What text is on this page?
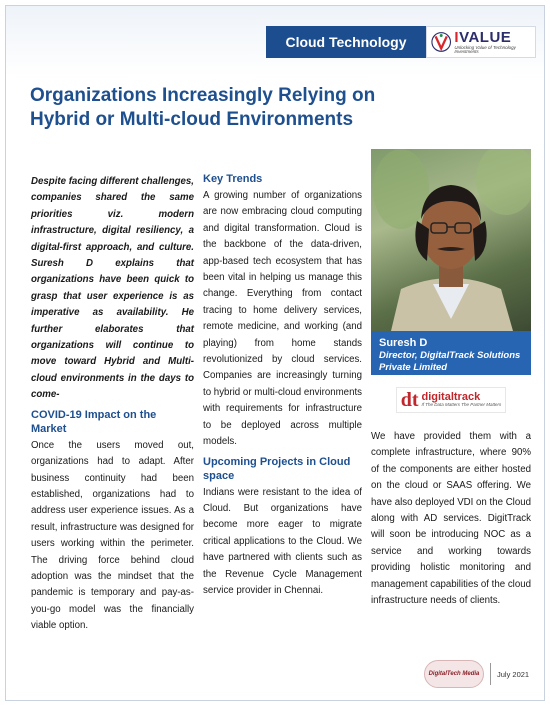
Cloud Technology	IVALUE
Unlocking Value of Technology Investments
Organizations Increasingly Relying on Hybrid or Multi-cloud Environments

Despite facing different challenges, companies shared the same priorities viz. modern infrastructure, digital resiliency, a digital-first approach, and culture. Suresh D explains that organizations have been quick to grasp that user experience is as imperative as availability. He further elaborates that organizations will continue to move toward Hybrid and Multi-cloud environments in the days to come-

COVID-19 Impact on the Market

Once the users moved out, organizations had to adapt. After business continuity had been established, organizations had to address user experience issues. As a result, infrastructure was designed for users working within the perimeter. The driving force behind cloud adoption was the mindset that the pandemic is temporary and pay-as-you-go model was the financially viable option.

Key Trends

A growing number of organizations are now embracing cloud computing and digital transformation. Cloud is the backbone of the data-driven, app-based tech ecosystem that has been vital in helping us manage this change. Everything from contact tracing to home delivery services, remote medicine, and working (and playing) from home stands revolutionized by cloud services. Companies are increasingly turning to hybrid or multi-cloud environments with requirements for infrastructure to be deployed across multiple models.

Upcoming Projects in Cloud space

Indians were resistant to the idea of Cloud. But organizations have become more eager to migrate critical applications to the Cloud. We have partnered with clients such as the Revenue Cycle Management service provider in Chennai.

Suresh D
Director, DigitalTrack Solutions Private Limited
dt digitaltrack
If The Data Matters The Partner Matters

We have provided them with a complete infrastructure, where 90% of the components are either hosted on the cloud or SAAS offering. We have also deployed VDI on the Cloud along with AD services. DigitTrack will soon be introducing NOC as a service and working towards providing holistic monitoring and management capabilities of the cloud infrastructure needs of clients.

DigitalTech Media July 2021
